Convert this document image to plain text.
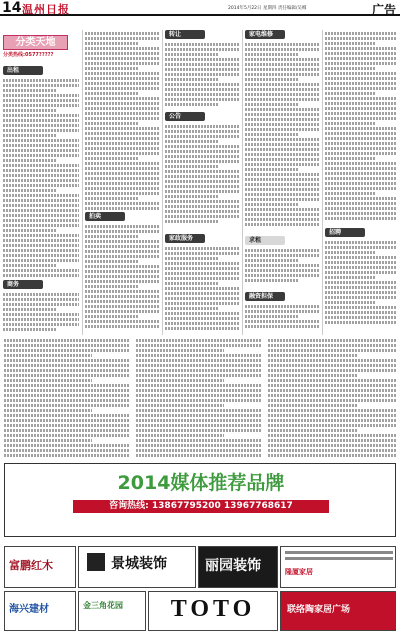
14 温州日报	2014年5月22日 星期四 责任编辑/吴娜	广告
分类天地
分类热线:0577?????
出租
商务
拍卖
转让
公告
家政服务
家电维修
求租
融资担保
招聘
2014媒体推荐品牌
咨询热线: 13867795200 13967768617
富鹏红木	景城装饰	丽园装饰	隆厦家居
海兴建材	金三角花园	TOTO	联络陶家居广场
